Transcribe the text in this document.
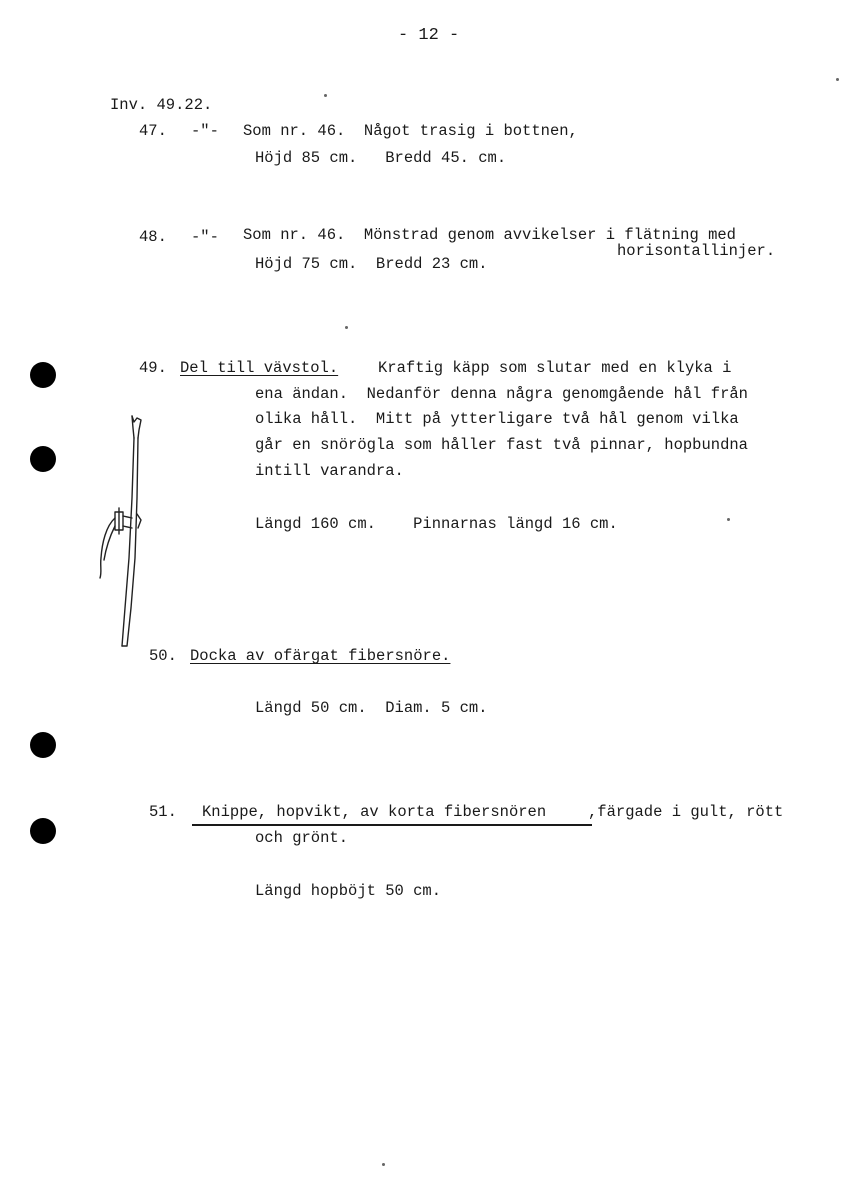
- 12 -
Inv. 49.22.
47. -"- Som nr. 46.  Något trasig i bottnen,
Höjd 85 cm.   Bredd 45. cm.
48. -"- Som nr. 46.  Mönstrad genom avvikelser i flätning med
horisontallinjer.
Höjd 75 cm.  Bredd 23 cm.
49. Del till vävstol.	Kraftig käpp som slutar med en klyka i
ena ändan.  Nedanför denna några genomgående hål från
olika håll.  Mitt på ytterligare två hål genom vilka
går en snörögla som håller fast två pinnar, hopbundna
intill varandra.
Längd 160 cm.    Pinnarnas längd 16 cm.
50. Docka av ofärgat fibersnöre.
Längd 50 cm.  Diam. 5 cm.
51. Knippe, hopvikt, av korta fibersnören	,färgade i gult, rött
och grönt.
Längd hopböjt 50 cm.
